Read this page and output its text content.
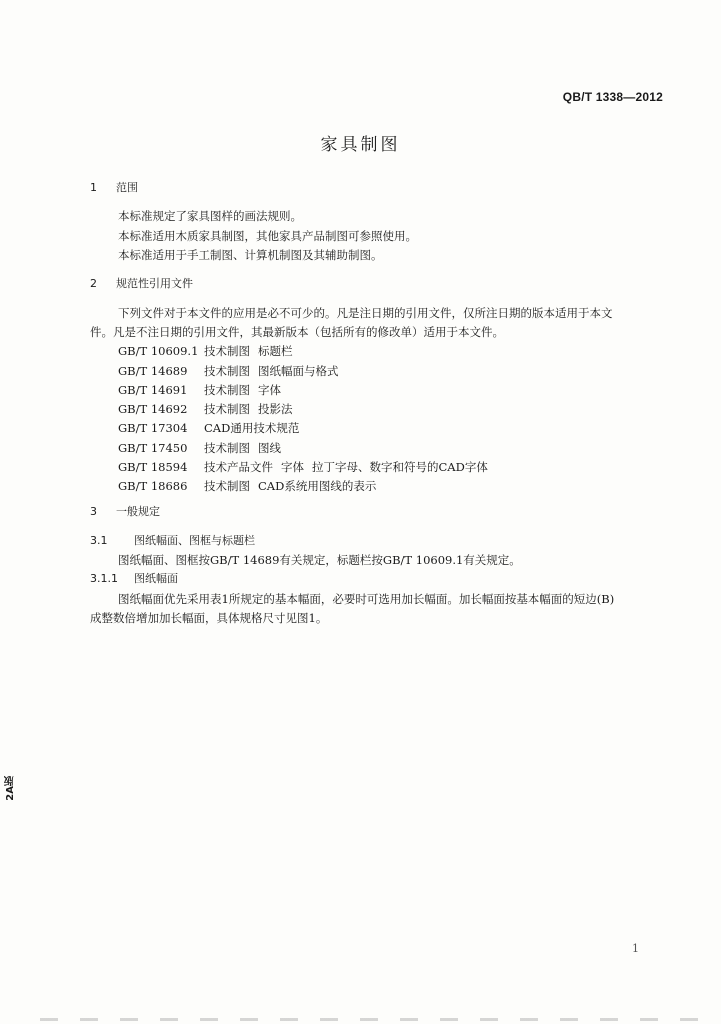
QB/T 1338—2012
家具制图
1 范围
本标准规定了家具图样的画法规则。
本标准适用木质家具制图，其他家具产品制图可参照使用。
本标准适用于手工制图、计算机制图及其辅助制图。
2 规范性引用文件
下列文件对于本文件的应用是必不可少的。凡是注日期的引用文件，仅所注日期的版本适用于本文
件。凡是不注日期的引用文件，其最新版本（包括所有的修改单）适用于本文件。
GB/T 10609.1 技术制图 标题栏
GB/T 14689 技术制图 图纸幅面与格式
GB/T 14691 技术制图 字体
GB/T 14692 技术制图 投影法
GB/T 17304 CAD通用技术规范
GB/T 17450 技术制图 图线
GB/T 18594 技术产品文件 字体 拉丁字母、数字和符号的CAD字体
GB/T 18686 技术制图 CAD系统用图线的表示
3 一般规定
3.1 图纸幅面、图框与标题栏
图纸幅面、图框按GB/T 14689有关规定，标题栏按GB/T 10609.1有关规定。
3.1.1 图纸幅面
图纸幅面优先采用表1所规定的基本幅面，必要时可选用加长幅面。加长幅面按基本幅面的短边(B)
成整数倍增加加长幅面，具体规格尺寸见图1。
1
2A版
